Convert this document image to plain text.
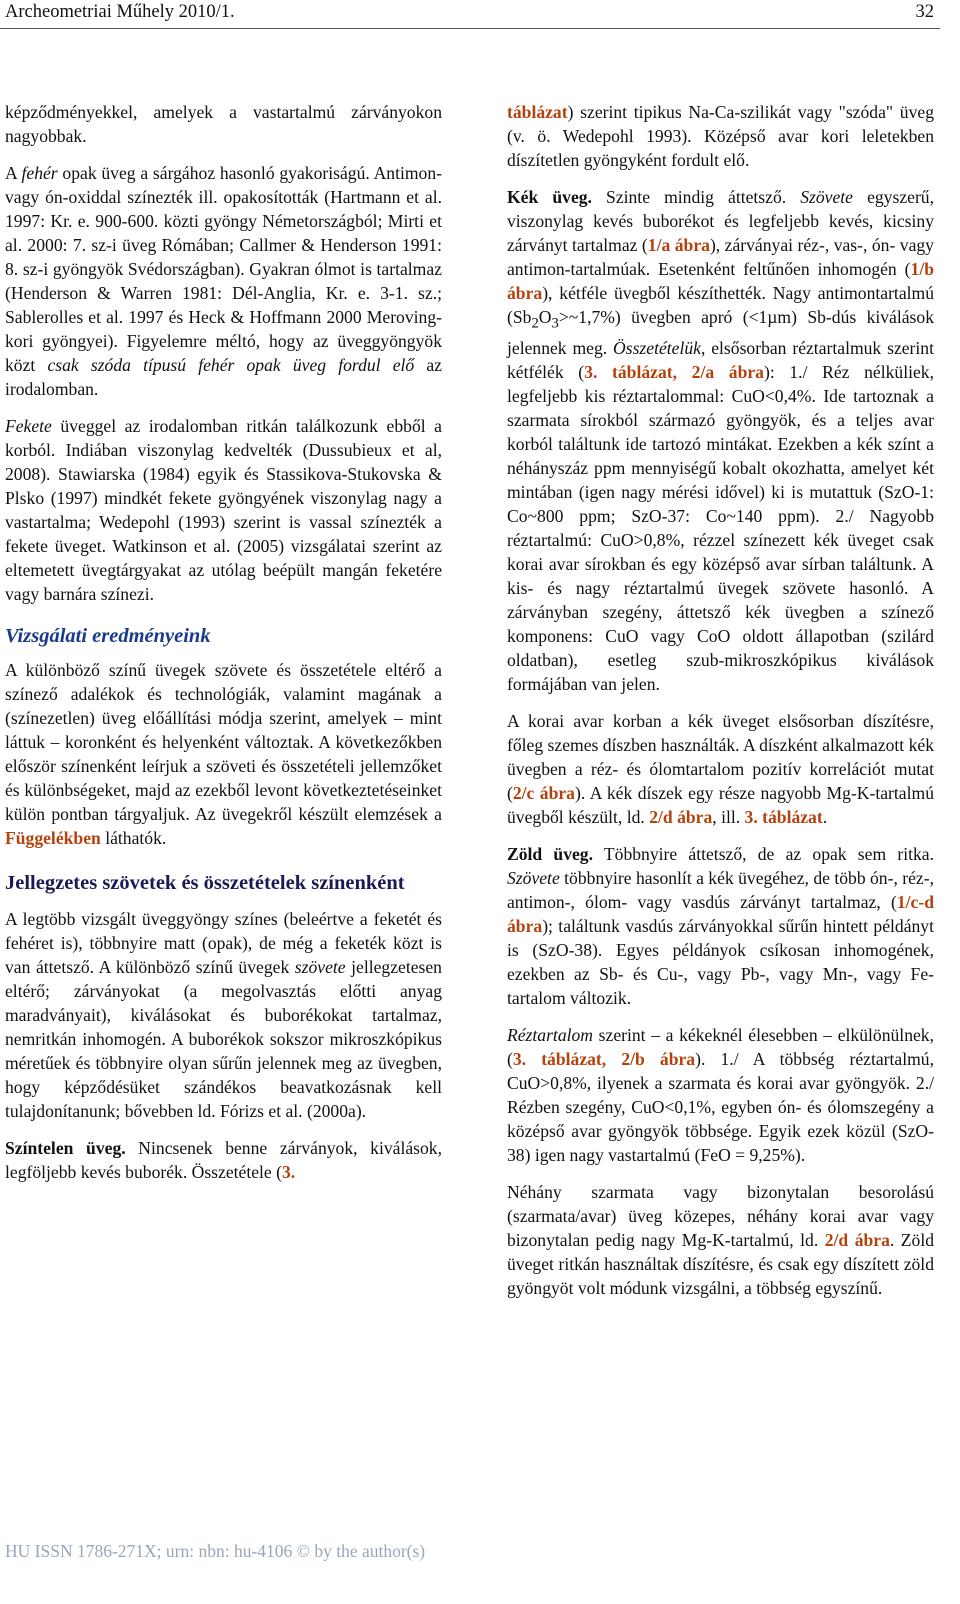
Archeometriai Műhely 2010/1.	32

képződményekkel, amelyek a vastartalmú zárványokon nagyobbak.

A fehér opak üveg a sárgához hasonló gyakoriságú. Antimon- vagy ón-oxiddal színezték ill. opakosították (Hartmann et al. 1997: Kr. e. 900-600. közti gyöngy Németországból; Mirti et al. 2000: 7. sz-i üveg Rómában; Callmer & Henderson 1991: 8. sz-i gyöngyök Svédországban). Gyakran ólmot is tartalmaz (Henderson & Warren 1981: Dél-Anglia, Kr. e. 3-1. sz.; Sablerolles et al. 1997 és Heck & Hoffmann 2000 Meroving-kori gyöngyei). Figyelemre méltó, hogy az üveggyöngyök közt csak szóda típusú fehér opak üveg fordul elő az irodalomban.

Fekete üveggel az irodalomban ritkán találkozunk ebből a korból. Indiában viszonylag kedvelték (Dussubieux et al, 2008). Stawiarska (1984) egyik és Stassikova-Stukovska & Plsko (1997) mindkét fekete gyöngyének viszonylag nagy a vastartalma; Wedepohl (1993) szerint is vassal színezték a fekete üveget. Watkinson et al. (2005) vizsgálatai szerint az eltemetett üvegtárgyakat az utólag beépült mangán feketére vagy barnára színezi.

Vizsgálati eredményeink

A különböző színű üvegek szövete és összetétele eltérő a színező adalékok és technológiák, valamint magának a (színezetlen) üveg előállítási módja szerint, amelyek – mint láttuk – koronként és helyenként változtak. A következőkben először színenként leírjuk a szöveti és összetételi jellemzőket és különbségeket, majd az ezekből levont következtetéseinket külön pontban tárgyaljuk. Az üvegekről készült elemzések a Függelékben láthatók.

Jellegzetes szövetek és összetételek színenként

A legtöbb vizsgált üveggyöngy színes (beleértve a feketét és fehéret is), többnyire matt (opak), de még a feketék közt is van áttetsző. A különböző színű üvegek szövete jellegzetesen eltérő; zárványokat (a megolvasztás előtti anyag maradványait), kiválásokat és buborékokat tartalmaz, nemritkán inhomogén. A buborékok sokszor mikroszkópikus méretűek és többnyire olyan sűrűn jelennek meg az üvegben, hogy képződésüket szándékos beavatkozásnak kell tulajdonítanunk; bővebben ld. Fórizs et al. (2000a).

Színtelen üveg. Nincsenek benne zárványok, kiválások, legföljebb kevés buborék. Összetétele (3.

táblázat) szerint tipikus Na-Ca-szilikát vagy "szóda" üveg (v. ö. Wedepohl 1993). Középső avar kori leletekben díszítetlen gyöngyként fordult elő.

Kék üveg. Szinte mindig áttetsző. Szövete egyszerű, viszonylag kevés buborékot és legfeljebb kevés, kicsiny zárványt tartalmaz (1/a ábra), zárványai réz-, vas-, ón- vagy antimon-tartalmúak. Esetenként feltűnően inhomogén (1/b ábra), kétféle üvegből készíthették. Nagy antimontartalmú $(Sb_2O_3>\sim 1,7\%)$ üvegben apró (<1µm) Sb-dús kiválások jelennek meg. Összetételük, elsősorban réztartalmuk szerint kétfélék (3. táblázat, 2/a ábra): 1./ Réz nélküliek, legfeljebb kis réztartalommal: CuO<0,4%. Ide tartoznak a szarmata sírokból származó gyöngyök, és a teljes avar korból találtunk ide tartozó mintákat. Ezekben a kék színt a néhányszáz ppm mennyiségű kobalt okozhatta, amelyet két mintában (igen nagy mérési idővel) ki is mutattuk (SzO-1: Co~800 ppm; SzO-37: Co~140 ppm). 2./ Nagyobb réztartalmú: CuO>0,8%, rézzel színezett kék üveget csak korai avar sírokban és egy középső avar sírban találtunk. A kis- és nagy réztartalmú üvegek szövete hasonló. A zárványban szegény, áttetsző kék üvegben a színező komponens: CuO vagy CoO oldott állapotban (szilárd oldatban), esetleg szub-mikroszkópikus kiválások formájában van jelen.

A korai avar korban a kék üveget elsősorban díszítésre, főleg szemes díszben használták. A díszként alkalmazott kék üvegben a réz- és ólomtartalom pozitív korrelációt mutat (2/c ábra). A kék díszek egy része nagyobb Mg-K-tartalmú üvegből készült, ld. 2/d ábra, ill. 3. táblázat.

Zöld üveg. Többnyire áttetsző, de az opak sem ritka. Szövete többnyire hasonlít a kék üvegéhez, de több ón-, réz-, antimon-, ólom- vagy vasdús zárványt tartalmaz, (1/c-d ábra); találtunk vasdús zárványokkal sűrűn hintett példányt is (SzO-38). Egyes példányok csíkosan inhomogének, ezekben az Sb- és Cu-, vagy Pb-, vagy Mn-, vagy Fe-tartalom változik.

Réztartalom szerint – a kékeknél élesebben – elkülönülnek, (3. táblázat, 2/b ábra). 1./ A többség réztartalmú, CuO>0,8%, ilyenek a szarmata és korai avar gyöngyök. 2./ Rézben szegény, CuO<0,1%, egyben ón- és ólomszegény a középső avar gyöngyök többsége. Egyik ezek közül (SzO-38) igen nagy vastartalmú (FeO = 9,25%).

Néhány szarmata vagy bizonytalan besorolású (szarmata/avar) üveg közepes, néhány korai avar vagy bizonytalan pedig nagy Mg-K-tartalmú, ld. 2/d ábra. Zöld üveget ritkán használtak díszítésre, és csak egy díszített zöld gyöngyöt volt módunk vizsgálni, a többség egyszínű.

HU ISSN 1786-271X; urn: nbn: hu-4106 © by the author(s)
